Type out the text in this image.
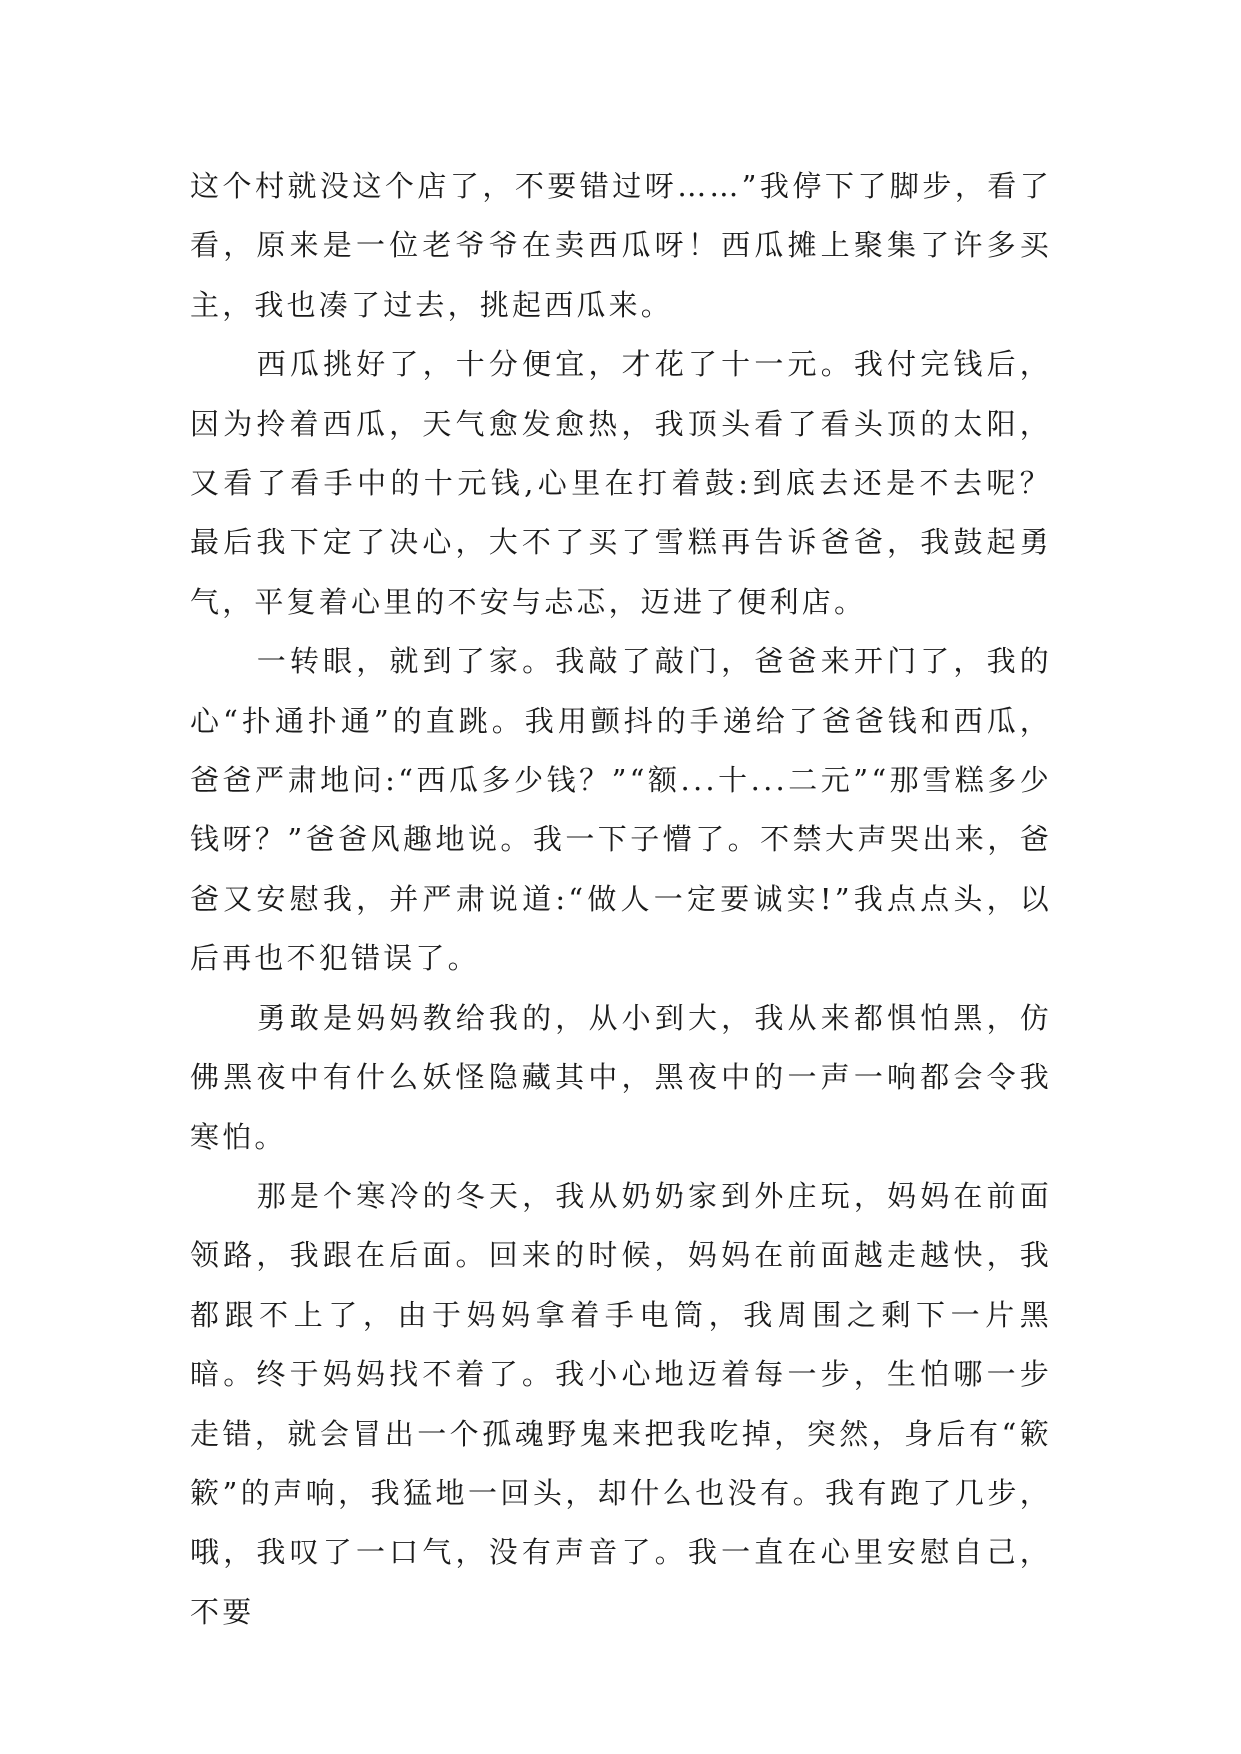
这个村就没这个店了，不要错过呀……”我停下了脚步，看了看，原来是一位老爷爷在卖西瓜呀！西瓜摊上聚集了许多买主，我也凑了过去，挑起西瓜来。

西瓜挑好了，十分便宜，才花了十一元。我付完钱后，因为拎着西瓜，天气愈发愈热，我顶头看了看头顶的太阳，又看了看手中的十元钱,心里在打着鼓:到底去还是不去呢？最后我下定了决心，大不了买了雪糕再告诉爸爸，我鼓起勇气，平复着心里的不安与忐忑，迈进了便利店。

一转眼，就到了家。我敲了敲门，爸爸来开门了，我的心“扑通扑通”的直跳。我用颤抖的手递给了爸爸钱和西瓜，爸爸严肃地问:“西瓜多少钱？”“额...十...二元”“那雪糕多少钱呀？”爸爸风趣地说。我一下子懵了。不禁大声哭出来，爸爸又安慰我，并严肃说道:“做人一定要诚实!”我点点头，以后再也不犯错误了。

勇敢是妈妈教给我的，从小到大，我从来都惧怕黑，仿佛黑夜中有什么妖怪隐藏其中，黑夜中的一声一响都会令我寒怕。

那是个寒冷的冬天，我从奶奶家到外庄玩，妈妈在前面领路，我跟在后面。回来的时候，妈妈在前面越走越快，我都跟不上了，由于妈妈拿着手电筒，我周围之剩下一片黑暗。终于妈妈找不着了。我小心地迈着每一步，生怕哪一步走错，就会冒出一个孤魂野鬼来把我吃掉，突然，身后有“簌簌”的声响，我猛地一回头，却什么也没有。我有跑了几步，哦，我叹了一口气，没有声音了。我一直在心里安慰自己，不要
